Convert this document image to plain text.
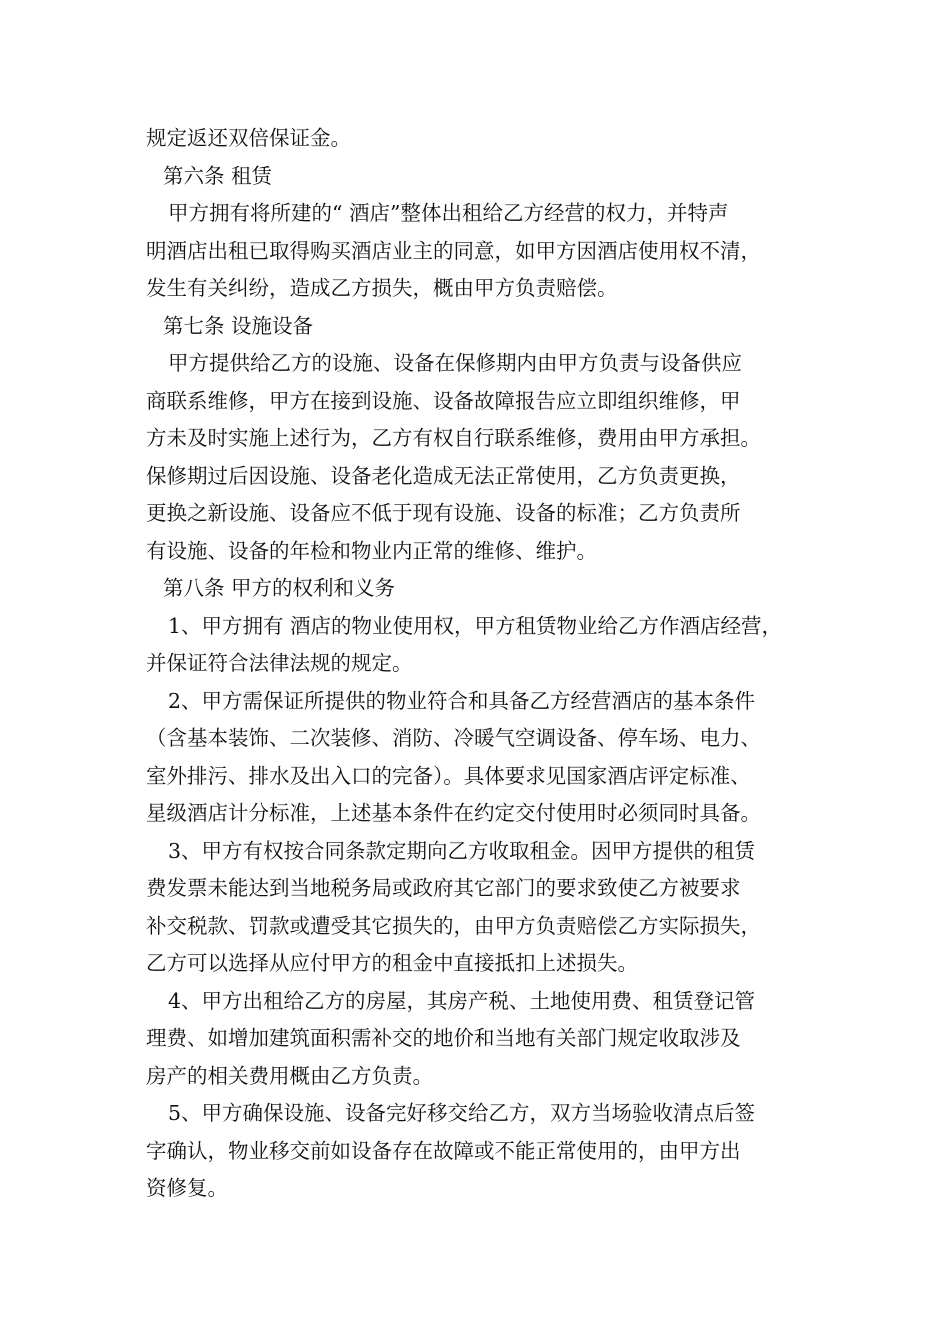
规定返还双倍保证金。
第六条 租赁
甲方拥有将所建的“ 酒店”整体出租给乙方经营的权力，并特声
明酒店出租已取得购买酒店业主的同意，如甲方因酒店使用权不清，
发生有关纠纷，造成乙方损失，概由甲方负责赔偿。
第七条 设施设备
甲方提供给乙方的设施、设备在保修期内由甲方负责与设备供应
商联系维修，甲方在接到设施、设备故障报告应立即组织维修，甲
方未及时实施上述行为，乙方有权自行联系维修，费用由甲方承担。
保修期过后因设施、设备老化造成无法正常使用，乙方负责更换，
更换之新设施、设备应不低于现有设施、设备的标准；乙方负责所
有设施、设备的年检和物业内正常的维修、维护。
第八条 甲方的权利和义务
1、甲方拥有 酒店的物业使用权，甲方租赁物业给乙方作酒店经营，
并保证符合法律法规的规定。
2、甲方需保证所提供的物业符合和具备乙方经营酒店的基本条件
（含基本装饰、二次装修、消防、冷暖气空调设备、停车场、电力、
室外排污、排水及出入口的完备）。具体要求见国家酒店评定标准、
星级酒店计分标准，上述基本条件在约定交付使用时必须同时具备。
3、甲方有权按合同条款定期向乙方收取租金。因甲方提供的租赁
费发票未能达到当地税务局或政府其它部门的要求致使乙方被要求
补交税款、罚款或遭受其它损失的，由甲方负责赔偿乙方实际损失，
乙方可以选择从应付甲方的租金中直接抵扣上述损失。
4、甲方出租给乙方的房屋，其房产税、土地使用费、租赁登记管
理费、如增加建筑面积需补交的地价和当地有关部门规定收取涉及
房产的相关费用概由乙方负责。
5、甲方确保设施、设备完好移交给乙方，双方当场验收清点后签
字确认，物业移交前如设备存在故障或不能正常使用的，由甲方出
资修复。
